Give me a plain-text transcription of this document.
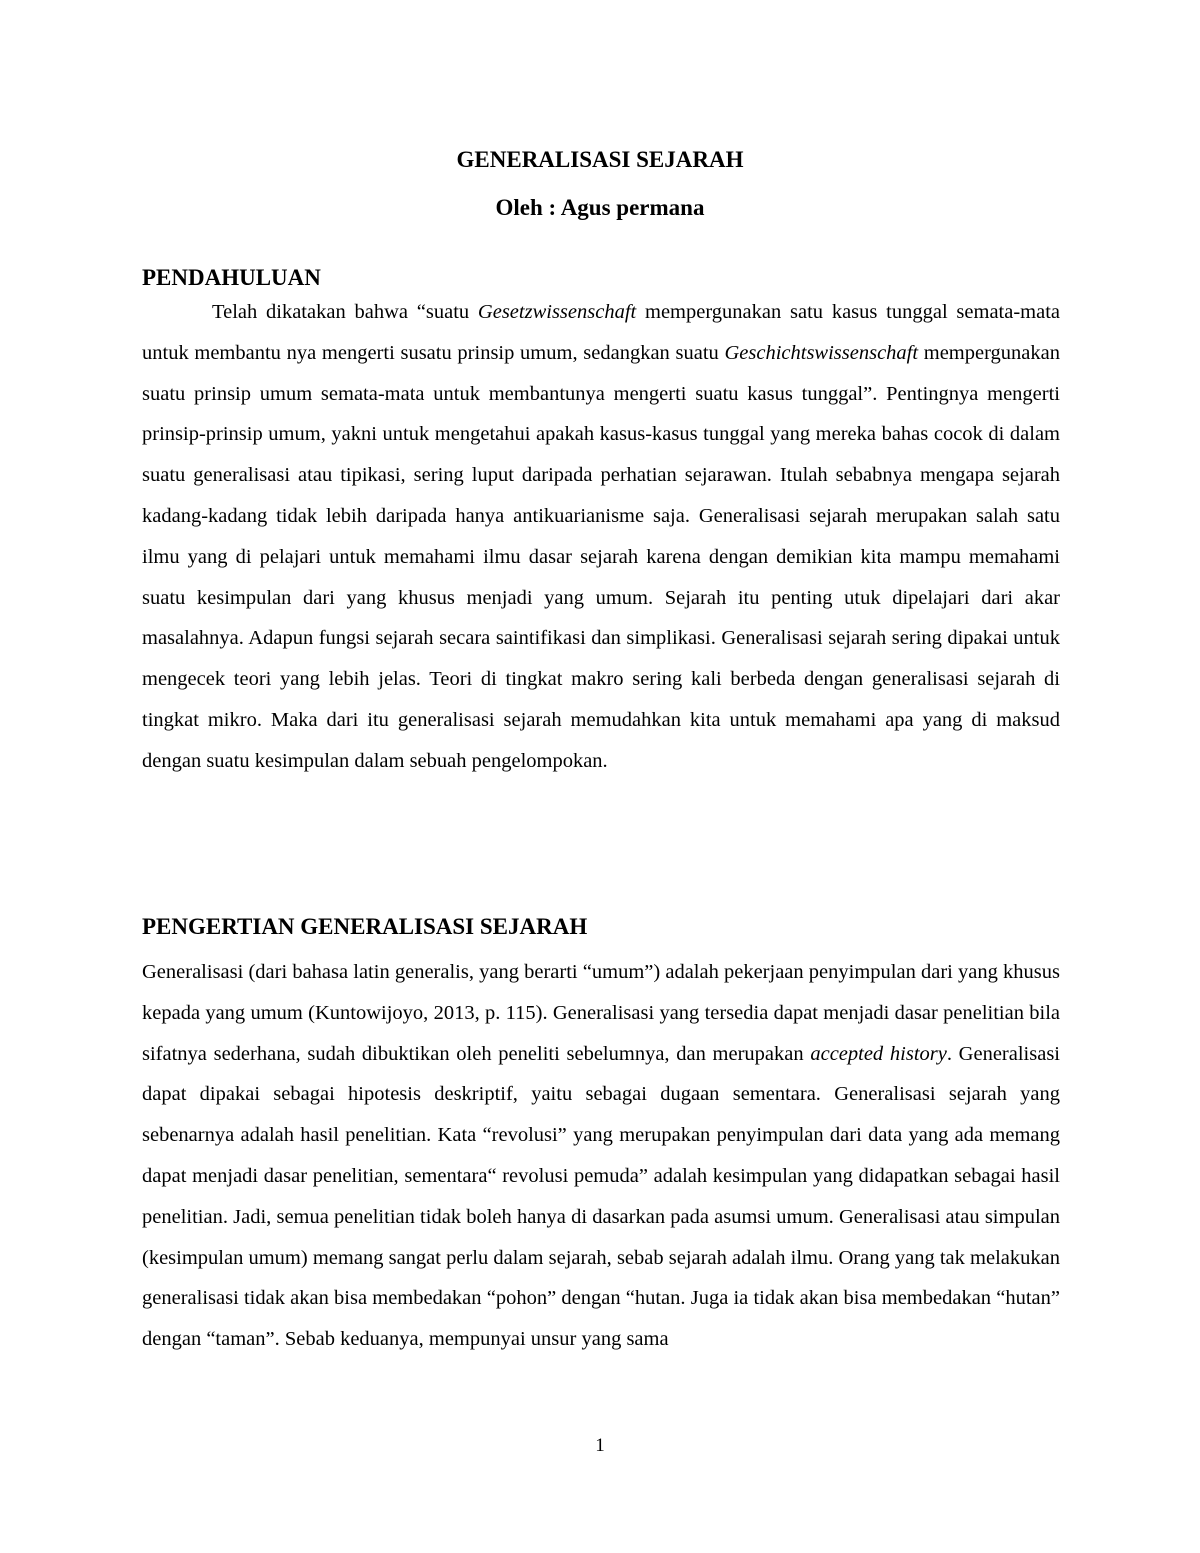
GENERALISASI SEJARAH
Oleh : Agus permana
PENDAHULUAN

Telah dikatakan bahwa “suatu Gesetzwissenschaft mempergunakan satu kasus tunggal semata-mata untuk membantu nya mengerti susatu prinsip umum, sedangkan suatu Geschichtswissenschaft mempergunakan suatu prinsip umum semata-mata untuk membantunya mengerti suatu kasus tunggal”. Pentingnya mengerti prinsip-prinsip umum, yakni untuk mengetahui apakah kasus-kasus tunggal yang mereka bahas cocok di dalam suatu generalisasi atau tipikasi, sering luput daripada perhatian sejarawan. Itulah sebabnya mengapa sejarah kadang-kadang tidak lebih daripada hanya antikuarianisme saja. Generalisasi sejarah merupakan salah satu ilmu yang di pelajari untuk memahami ilmu dasar sejarah karena dengan demikian kita mampu memahami suatu kesimpulan dari yang khusus menjadi yang umum. Sejarah itu penting utuk dipelajari dari akar masalahnya. Adapun fungsi sejarah secara saintifikasi dan simplikasi. Generalisasi sejarah sering dipakai untuk mengecek teori yang lebih jelas. Teori di tingkat makro sering kali berbeda dengan generalisasi sejarah di tingkat mikro. Maka dari itu generalisasi sejarah memudahkan kita untuk memahami apa yang di maksud dengan suatu kesimpulan dalam sebuah pengelompokan.

PENGERTIAN GENERALISASI SEJARAH

Generalisasi (dari bahasa latin generalis, yang berarti “umum”) adalah pekerjaan penyimpulan dari yang khusus kepada yang umum (Kuntowijoyo, 2013, p. 115). Generalisasi yang tersedia dapat menjadi dasar penelitian bila sifatnya sederhana, sudah dibuktikan oleh peneliti sebelumnya, dan merupakan accepted history. Generalisasi dapat dipakai sebagai hipotesis deskriptif, yaitu sebagai dugaan sementara. Generalisasi sejarah yang sebenarnya adalah hasil penelitian. Kata “revolusi” yang merupakan penyimpulan dari data yang ada memang dapat menjadi dasar penelitian, sementara“ revolusi pemuda” adalah kesimpulan yang didapatkan sebagai hasil penelitian. Jadi, semua penelitian tidak boleh hanya di dasarkan pada asumsi umum. Generalisasi atau simpulan (kesimpulan umum) memang sangat perlu dalam sejarah, sebab sejarah adalah ilmu. Orang yang tak melakukan generalisasi tidak akan bisa membedakan “pohon” dengan “hutan. Juga ia tidak akan bisa membedakan “hutan” dengan “taman”. Sebab keduanya, mempunyai unsur yang sama

1
